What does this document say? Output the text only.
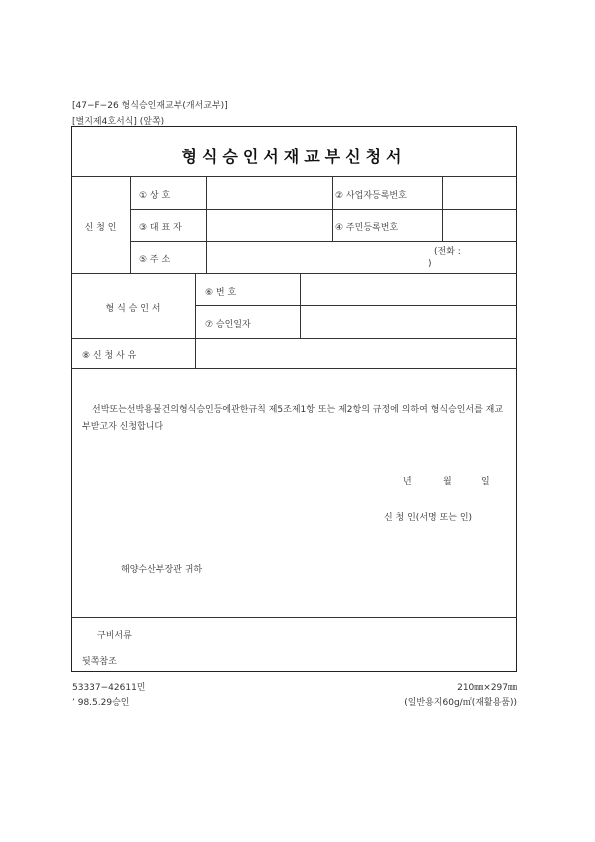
[47−F−26 형식승인재교부(개서교부)]
[별지제4호서식] (앞쪽)
형식승인서재교부신청서
신 청 인
① 상 호	② 사업자등록번호
③ 대 표 자	④ 주민등록번호
⑤ 주 소
(전화 :
)
형 식 승 인 서
⑥ 번 호
⑦ 승인일자
⑧ 신 청 사 유
선박또는선박용물건의형식승인등에관한규칙 제5조제1항 또는 제2항의 규정에 의하여 형식승인서를 재교부받고자 신청합니다
년	월	일
신 청 인(서명 또는 인)
해양수산부장관 귀하
구비서류
뒷쪽참조
53337−42611민
’ 98.5.29승인
210㎜×297㎜
(일반용지60g/㎡(재활용품))
